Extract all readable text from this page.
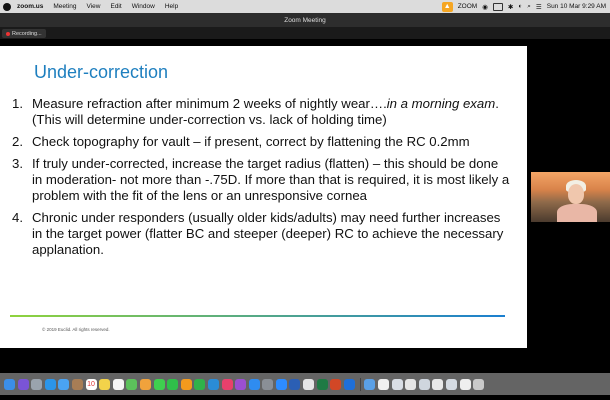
zoom.us Meeting View Edit Window Help	▲	ZOOM ◉	✱ ◐ ⌕ ☰ Sun 10 Mar 9:29 AM
Zoom Meeting
Recording...
Under-correction
1. Measure refraction after minimum 2 weeks of nightly wear….in a morning exam. (This will determine under-correction vs. lack of holding time)
2. Check topography for vault – if present, correct by flattening the RC 0.2mm
3. If truly under-corrected, increase the target radius (flatten) – this should be done in moderation- not more than -.75D. If more than that is required, it is most likely a problem with the fit of the lens or an unresponsive cornea
4. Chronic under responders (usually older kids/adults) may need further increases in the target power (flatter BC and steeper (deeper) RC to achieve the necessary applanation.
© 2019 Euclid. All rights reserved.
10
